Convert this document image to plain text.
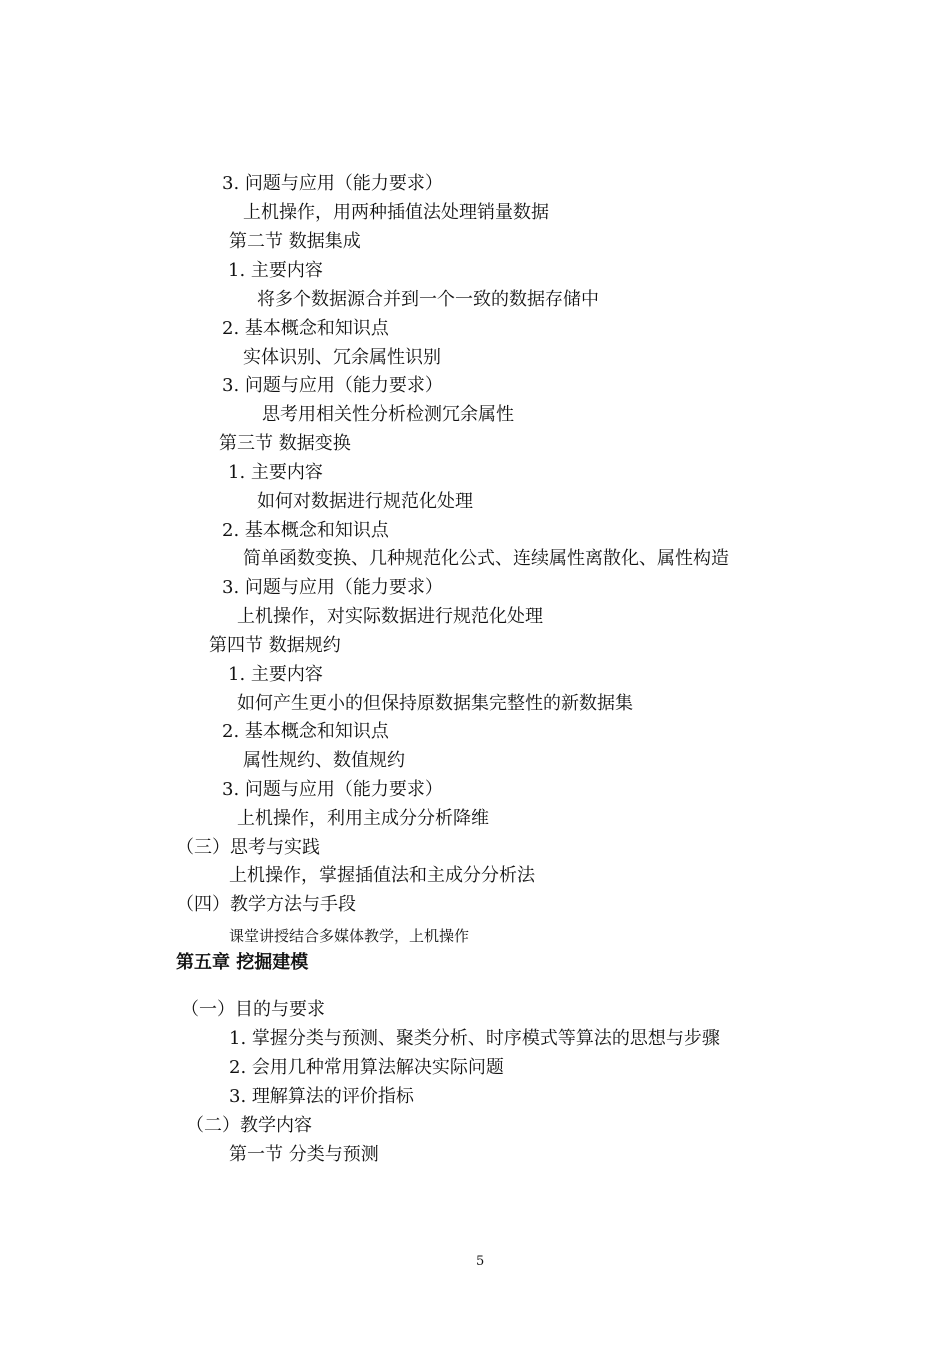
3. 问题与应用（能力要求）
上机操作，用两种插值法处理销量数据
第二节 数据集成
1. 主要内容
将多个数据源合并到一个一致的数据存储中
2. 基本概念和知识点
实体识别、冗余属性识别
3. 问题与应用（能力要求）
思考用相关性分析检测冗余属性
第三节 数据变换
1. 主要内容
如何对数据进行规范化处理
2. 基本概念和知识点
简单函数变换、几种规范化公式、连续属性离散化、属性构造
3. 问题与应用（能力要求）
上机操作，对实际数据进行规范化处理
第四节 数据规约
1. 主要内容
如何产生更小的但保持原数据集完整性的新数据集
2. 基本概念和知识点
属性规约、数值规约
3. 问题与应用（能力要求）
上机操作，利用主成分分析降维
（三）思考与实践
上机操作，掌握插值法和主成分分析法
（四）教学方法与手段
课堂讲授结合多媒体教学，上机操作
第五章 挖掘建模
（一）目的与要求
1. 掌握分类与预测、聚类分析、时序模式等算法的思想与步骤
2. 会用几种常用算法解决实际问题
3. 理解算法的评价指标
（二）教学内容
第一节 分类与预测
5
